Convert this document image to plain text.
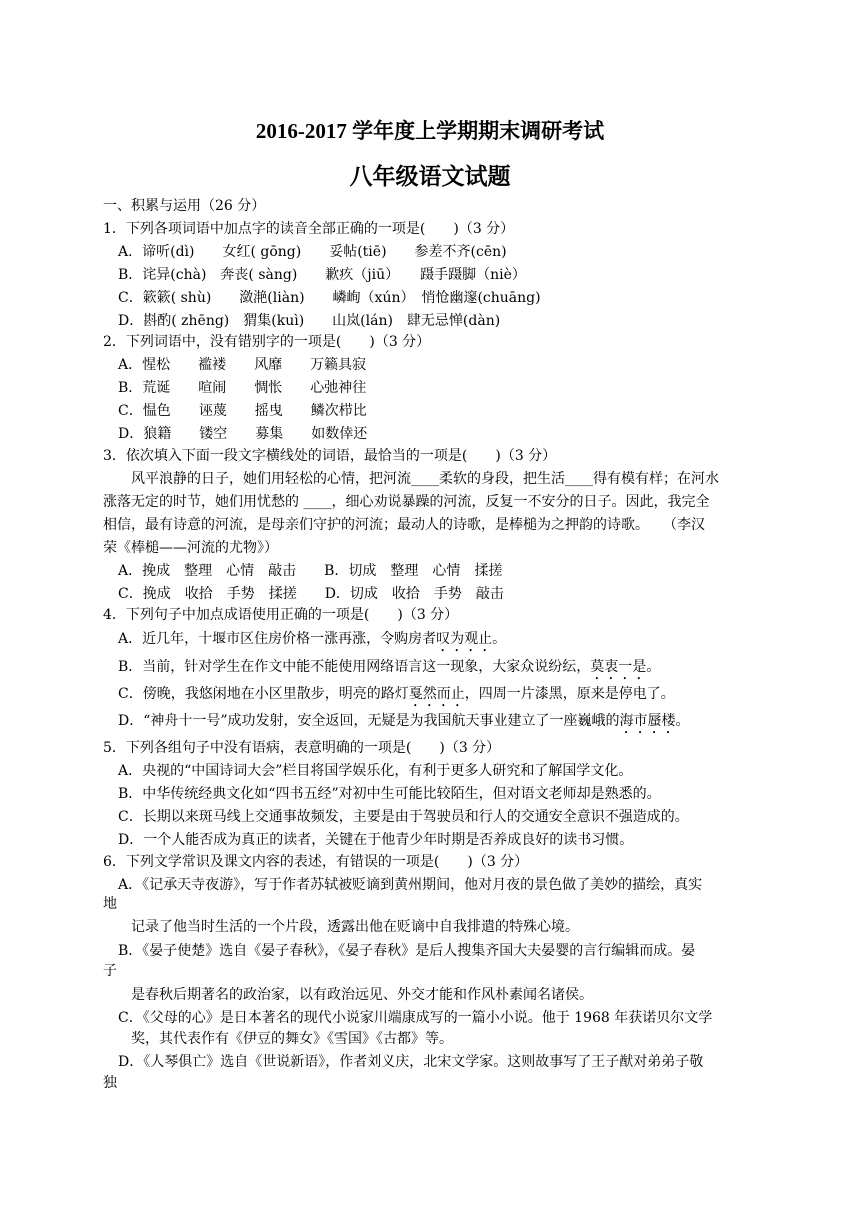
2016-2017 学年度上学期期末调研考试
八年级语文试题
一、积累与运用（26 分）
1．下列各项词语中加点字的读音全部正确的一项是(　　)（3 分）
A．谛听(dì)　　女红( gōng)　　妥帖(tiē)　　参差不齐(cēn)
B．诧异(chà)　奔丧( sàng)　　歉疚（jiū）　　蹑手蹑脚（niè）
C．簌簌( shù)　　潋滟(liàn)　　嶙峋（xún）　悄怆幽邃(chuāng)
D．斟酌( zhēng)　猬集(kuì)　　山岚(lán)　肆无忌惮(dàn)
2．下列词语中，没有错别字的一项是(　　)（3 分）
A．惺松　　褴褛　　风靡　　万籁具寂
B．荒诞　　喧闹　　惆怅　　心弛神往
C．愠色　　诬蔑　　摇曳　　鳞次栉比
D．狼籍　　镂空　　募集　　如数倖还
3．依次填入下面一段文字横线处的词语，最恰当的一项是(　　)（3 分）
风平浪静的日子，她们用轻松的心情，把河流____柔软的身段，把生活____得有模有样；在河水
涨落无定的时节，她们用忧愁的 ____，细心劝说暴躁的河流，反复一不安分的日子。因此，我完全
相信，最有诗意的河流，是母亲们守护的河流；最动人的诗歌，是棒槌为之押韵的诗歌。　　（李汉
荣《棒槌——河流的尤物》）
A．挽成　整理　心情　敲击　　B．切成　整理　心情　揉搓
C．挽成　收拾　手势　揉搓　　D．切成　收拾　手势　敲击
4．下列句子中加点成语使用正确的一项是(　　)（3 分）
A．近几年，十堰市区住房价格一涨再涨，令购房者叹为观止。
B．当前，针对学生在作文中能不能使用网络语言这一现象，大家众说纷纭，莫衷一是。
C．傍晚，我悠闲地在小区里散步，明亮的路灯戛然而止，四周一片漆黑，原来是停电了。
D．“神舟十一号”成功发射，安全返回，无疑是为我国航天事业建立了一座巍峨的海市蜃楼。
5．下列各组句子中没有语病，表意明确的一项是(　　)（3 分）
A．央视的“中国诗词大会”栏目将国学娱乐化，有利于更多人研究和了解国学文化。
B．中华传统经典文化如“四书五经”对初中生可能比较陌生，但对语文老师却是熟悉的。
C．长期以来斑马线上交通事故频发，主要是由于驾驶员和行人的交通安全意识不强造成的。
D．一个人能否成为真正的读者，关键在于他青少年时期是否养成良好的读书习惯。
6．下列文学常识及课文内容的表述，有错误的一项是(　　)（3 分）
A．《记承天寺夜游》，写于作者苏轼被贬谪到黄州期间，他对月夜的景色做了美妙的描绘，真实
地
记录了他当时生活的一个片段，透露出他在贬谪中自我排遣的特殊心境。
B．《晏子使楚》选自《晏子春秋》，《晏子春秋》是后人搜集齐国大夫晏婴的言行编辑而成。晏
子
是春秋后期著名的政治家，以有政治远见、外交才能和作风朴素闻名诸侯。
C．《父母的心》是日本著名的现代小说家川端康成写的一篇小小说。他于 1968 年获诺贝尔文学
奖，其代表作有《伊豆的舞女》《雪国》《古都》等。
D．《人琴俱亡》选自《世说新语》，作者刘义庆，北宋文学家。这则故事写了王子猷对弟弟子敬
独
